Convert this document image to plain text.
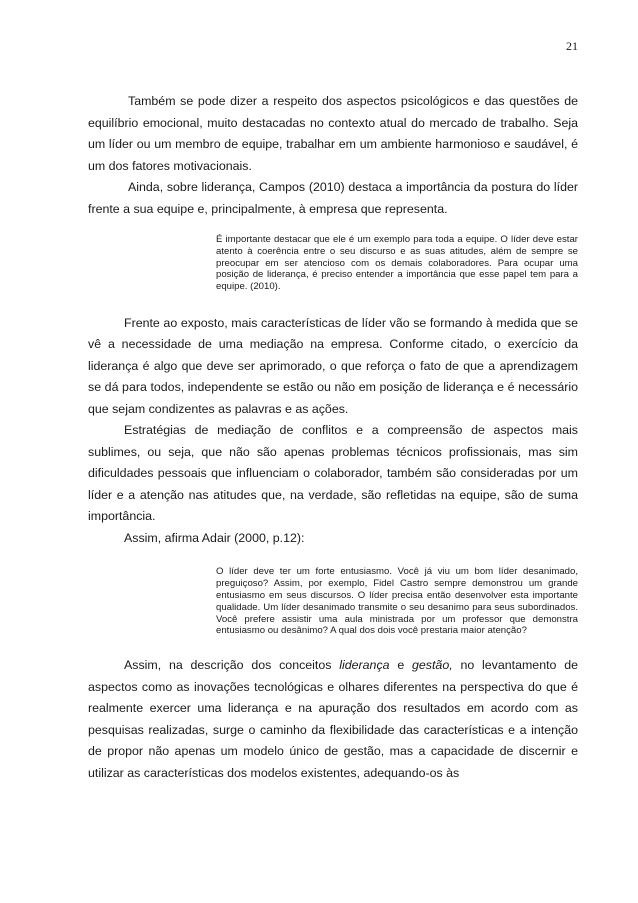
21

Também se pode dizer a respeito dos aspectos psicológicos e das questões de equilíbrio emocional, muito destacadas no contexto atual do mercado de trabalho. Seja um líder ou um membro de equipe, trabalhar em um ambiente harmonioso e saudável, é um dos fatores motivacionais.

Ainda, sobre liderança, Campos (2010) destaca a importância da postura do líder frente a sua equipe e, principalmente, à empresa que representa.

É importante destacar que ele é um exemplo para toda a equipe. O líder deve estar atento à coerência entre o seu discurso e as suas atitudes, além de sempre se preocupar em ser atencioso com os demais colaboradores. Para ocupar uma posição de liderança, é preciso entender a importância que esse papel tem para a equipe. (2010).

Frente ao exposto, mais características de líder vão se formando à medida que se vê a necessidade de uma mediação na empresa. Conforme citado, o exercício da liderança é algo que deve ser aprimorado, o que reforça o fato de que a aprendizagem se dá para todos, independente se estão ou não em posição de liderança e é necessário que sejam condizentes as palavras e as ações.

Estratégias de mediação de conflitos e a compreensão de aspectos mais sublimes, ou seja, que não são apenas problemas técnicos profissionais, mas sim dificuldades pessoais que influenciam o colaborador, também são consideradas por um líder e a atenção nas atitudes que, na verdade, são refletidas na equipe, são de suma importância.

Assim, afirma Adair (2000, p.12):

O líder deve ter um forte entusiasmo. Você já viu um bom líder desanimado, preguiçoso? Assim, por exemplo, Fidel Castro sempre demonstrou um grande entusiasmo em seus discursos. O líder precisa então desenvolver esta importante qualidade. Um líder desanimado transmite o seu desanimo para seus subordinados. Você prefere assistir uma aula ministrada por um professor que demonstra entusiasmo ou desânimo? A qual dos dois você prestaria maior atenção?

Assim, na descrição dos conceitos liderança e gestão, no levantamento de aspectos como as inovações tecnológicas e olhares diferentes na perspectiva do que é realmente exercer uma liderança e na apuração dos resultados em acordo com as pesquisas realizadas, surge o caminho da flexibilidade das características e a intenção de propor não apenas um modelo único de gestão, mas a capacidade de discernir e utilizar as características dos modelos existentes, adequando-os às
